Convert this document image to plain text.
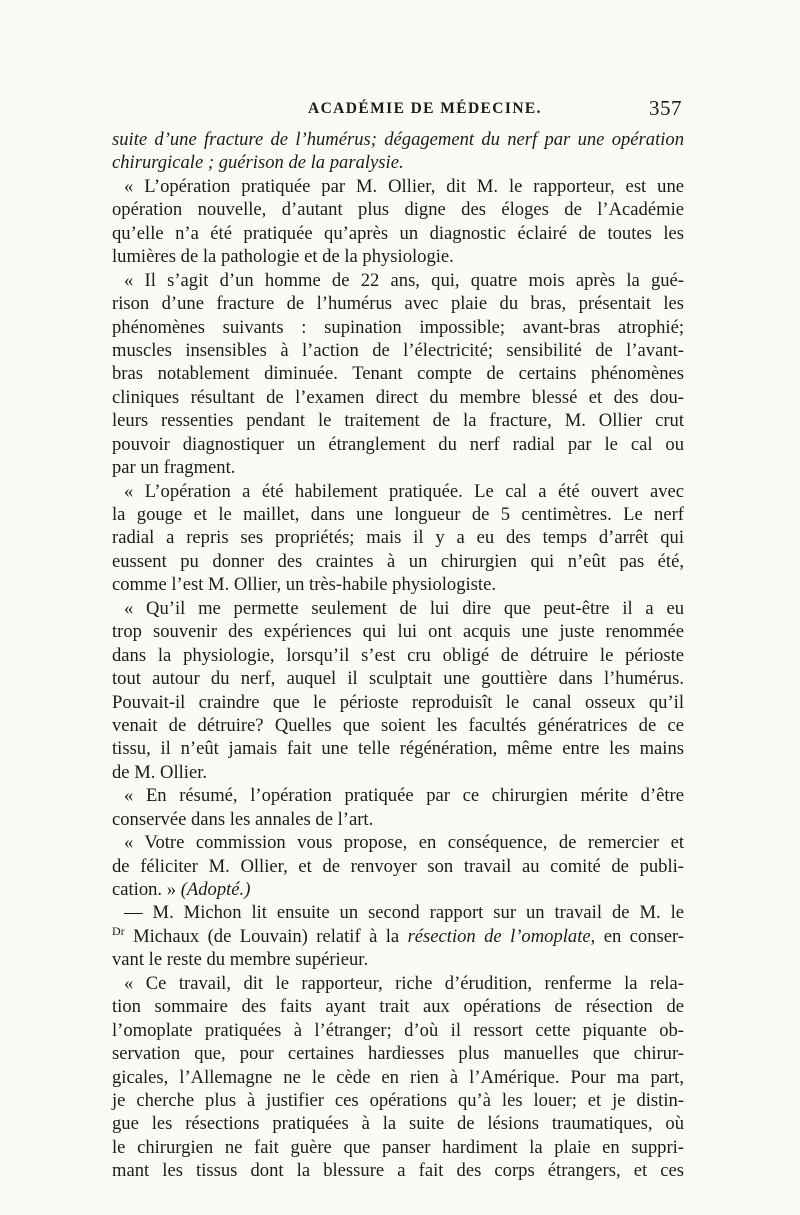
ACADÉMIE DE MÉDECINE.	357
suite d’une fracture de l’humérus; dégagement du nerf par une opération
chirurgicale ; guérison de la paralysie.
« L’opération pratiquée par M. Ollier, dit M. le rapporteur, est une
opération nouvelle, d’autant plus digne des éloges de l’Académie
qu’elle n’a été pratiquée qu’après un diagnostic éclairé de toutes les
lumières de la pathologie et de la physiologie.
« Il s’agit d’un homme de 22 ans, qui, quatre mois après la gué-
rison d’une fracture de l’humérus avec plaie du bras, présentait les
phénomènes suivants : supination impossible; avant-bras atrophié;
muscles insensibles à l’action de l’électricité; sensibilité de l’avant-
bras notablement diminuée. Tenant compte de certains phénomènes
cliniques résultant de l’examen direct du membre blessé et des dou-
leurs ressenties pendant le traitement de la fracture, M. Ollier crut
pouvoir diagnostiquer un étranglement du nerf radial par le cal ou
par un fragment.
« L’opération a été habilement pratiquée. Le cal a été ouvert avec
la gouge et le maillet, dans une longueur de 5 centimètres. Le nerf
radial a repris ses propriétés; mais il y a eu des temps d’arrêt qui
eussent pu donner des craintes à un chirurgien qui n’eût pas été,
comme l’est M. Ollier, un très-habile physiologiste.
« Qu’il me permette seulement de lui dire que peut-être il a eu
trop souvenir des expériences qui lui ont acquis une juste renommée
dans la physiologie, lorsqu’il s’est cru obligé de détruire le périoste
tout autour du nerf, auquel il sculptait une gouttière dans l’humérus.
Pouvait-il craindre que le périoste reproduisît le canal osseux qu’il
venait de détruire? Quelles que soient les facultés génératrices de ce
tissu, il n’eût jamais fait une telle régénération, même entre les mains
de M. Ollier.
« En résumé, l’opération pratiquée par ce chirurgien mérite d’être
conservée dans les annales de l’art.
« Votre commission vous propose, en conséquence, de remercier et
de féliciter M. Ollier, et de renvoyer son travail au comité de publi-
cation. » (Adopté.)
— M. Michon lit ensuite un second rapport sur un travail de M. le
$^{Dr}$ Michaux (de Louvain) relatif à la résection de l’omoplate, en conser-
vant le reste du membre supérieur.
« Ce travail, dit le rapporteur, riche d’érudition, renferme la rela-
tion sommaire des faits ayant trait aux opérations de résection de
l’omoplate pratiquées à l’étranger; d’où il ressort cette piquante ob-
servation que, pour certaines hardiesses plus manuelles que chirur-
gicales, l’Allemagne ne le cède en rien à l’Amérique. Pour ma part,
je cherche plus à justifier ces opérations qu’à les louer; et je distin-
gue les résections pratiquées à la suite de lésions traumatiques, où
le chirurgien ne fait guère que panser hardiment la plaie en suppri-
mant les tissus dont la blessure a fait des corps étrangers, et ces
